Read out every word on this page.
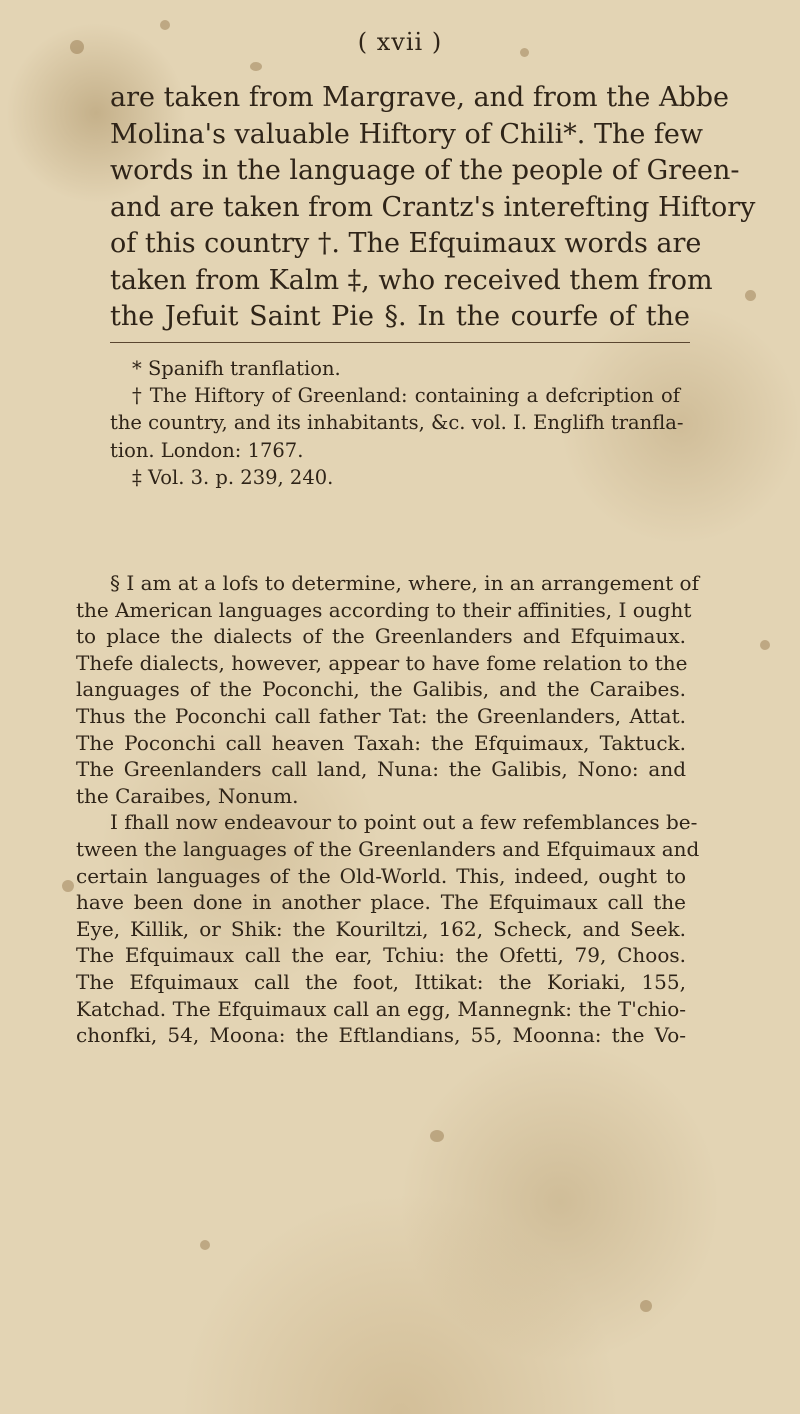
( xvii )
are taken from Margrave, and from the Abbe
Molina's valuable Hiftory of Chili*. The few
words in the language of the people of Green-
and are taken from Crantz's interefting Hiftory
of this country †. The Efquimaux words are
taken from Kalm ‡, who received them from
the Jefuit Saint Pie §. In the courfe of the
* Spanifh tranflation.
† The Hiftory of Greenland: containing a defcription of
the country, and its inhabitants, &c. vol. I. Englifh tranfla-
tion. London: 1767.
‡ Vol. 3. p. 239, 240.
§ I am at a lofs to determine, where, in an arrangement of
the American languages according to their affinities, I ought
to place the dialects of the Greenlanders and Efquimaux.
Thefe dialects, however, appear to have fome relation to the
languages of the Poconchi, the Galibis, and the Caraibes.
Thus the Poconchi call father Tat: the Greenlanders, Attat.
The Poconchi call heaven Taxah: the Efquimaux, Taktuck.
The Greenlanders call land, Nuna: the Galibis, Nono: and
the Caraibes, Nonum.
I fhall now endeavour to point out a few refemblances be-
tween the languages of the Greenlanders and Efquimaux and
certain languages of the Old-World. This, indeed, ought to
have been done in another place. The Efquimaux call the
Eye, Killik, or Shik: the Kouriltzi, 162, Scheck, and Seek.
The Efquimaux call the ear, Tchiu: the Ofetti, 79, Choos.
The Efquimaux call the foot, Ittikat: the Koriaki, 155,
Katchad. The Efquimaux call an egg, Mannegnk: the T'chio-
chonfki, 54, Moona: the Eftlandians, 55, Moonna: the Vo-
